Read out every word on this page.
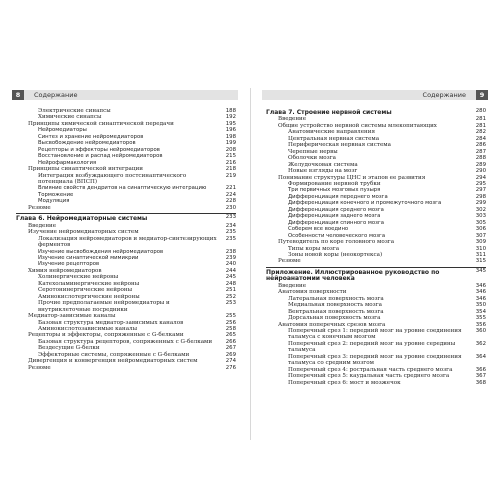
8	Содержание
Электрические синапсы	188
Химические синапсы	192
Принципы химической синаптической передачи	195
Нейромедиаторы	196
Синтез и хранение нейромедиаторов	198
Высвобождение нейромедиаторов	199
Рецепторы и эффекторы нейромедиаторов	208
Восстановление и распад нейромедиаторов	215
Нейрофармакология	216
Принципы синаптической интеграции	218
Интеграция возбуждающего постсинаптического потенциала (ВПСП)
219
Влияние свойств дендритов на синаптическую интеграцию	221
Торможение	224
Модуляция	228
Резюме	230
Глава 6. Нейромедиаторные системы	233
Введение	234
Изучение нейромедиаторных систем	235
Локализация нейромедиаторов и медиатор-синтезирующих ферментов
235
Изучение высвобождения нейромедиаторов	238
Изучение синаптической мимикрии	239
Изучение рецепторов	240
Химия нейромедиаторов	244
Холинергические нейроны	245
Катехоламинергические нейроны	248
Серотонинергические нейроны	251
Аминокислотергические нейроны	252
Прочие предполагаемые нейромедиаторы и внутриклеточные посредники
253
Медиатор-зависимые каналы	255
Базовая структура медиатор-зависимых каналов	256
Аминокислотозависимые каналы	258
Рецепторы и эффекторы, сопряженные с G-белками	265
Базовая структура рецепторов, сопряженных с G-белками	266
Вездесущие G-белки	267
Эффекторные системы, сопряженные с G-белками	269
Дивергенция и конвергенция нейромедиаторных систем	274
Резюме	276
Содержание	9
Глава 7. Строение нервной системы	280
Введение	281
Общие устройство нервной системы млекопитающих	281
Анатомические направления	282
Центральная нервная система	284
Периферическая нервная система	286
Черепные нервы	287
Оболочки мозга	288
Желудочковая система	289
Новые взгляды на мозг	290
Понимание структуры ЦНС и этапов ее развития	294
Формирование нервной трубки	295
Три первичных мозговых пузыря	297
Дифференциация переднего мозга	298
Дифференциация конечного и промежуточного мозга	299
Дифференциация среднего мозга	302
Дифференциация заднего мозга	303
Дифференциация спинного мозга	305
Соберем все воедино	306
Особенности человеческого мозга	307
Путеводитель по коре головного мозга	309
Типы коры мозга	310
Зоны новой коры (неокортекса)	311
Резюме	315
Приложение. Иллюстрированное руководство по нейроанатомии человека
345
Введение	346
Анатомия поверхности	346
Латеральная поверхность мозга	346
Медиальная поверхность мозга	350
Вентральная поверхность мозга	354
Дорсальная поверхность мозга	355
Анатомия поперечных срезов мозга	356
Поперечный срез 1: передний мозг на уровне соединения таламуса с конечным мозгом
360
Поперечный срез 2: передний мозг на уровне середины таламуса
362
Поперечный срез 3: передний мозг на уровне соединения таламуса со средним мозгом
364
Поперечный срез 4: ростральная часть среднего мозга	366
Поперечный срез 5: каудальная часть среднего мозга	367
Поперечный срез 6: мост и мозжечок	368
